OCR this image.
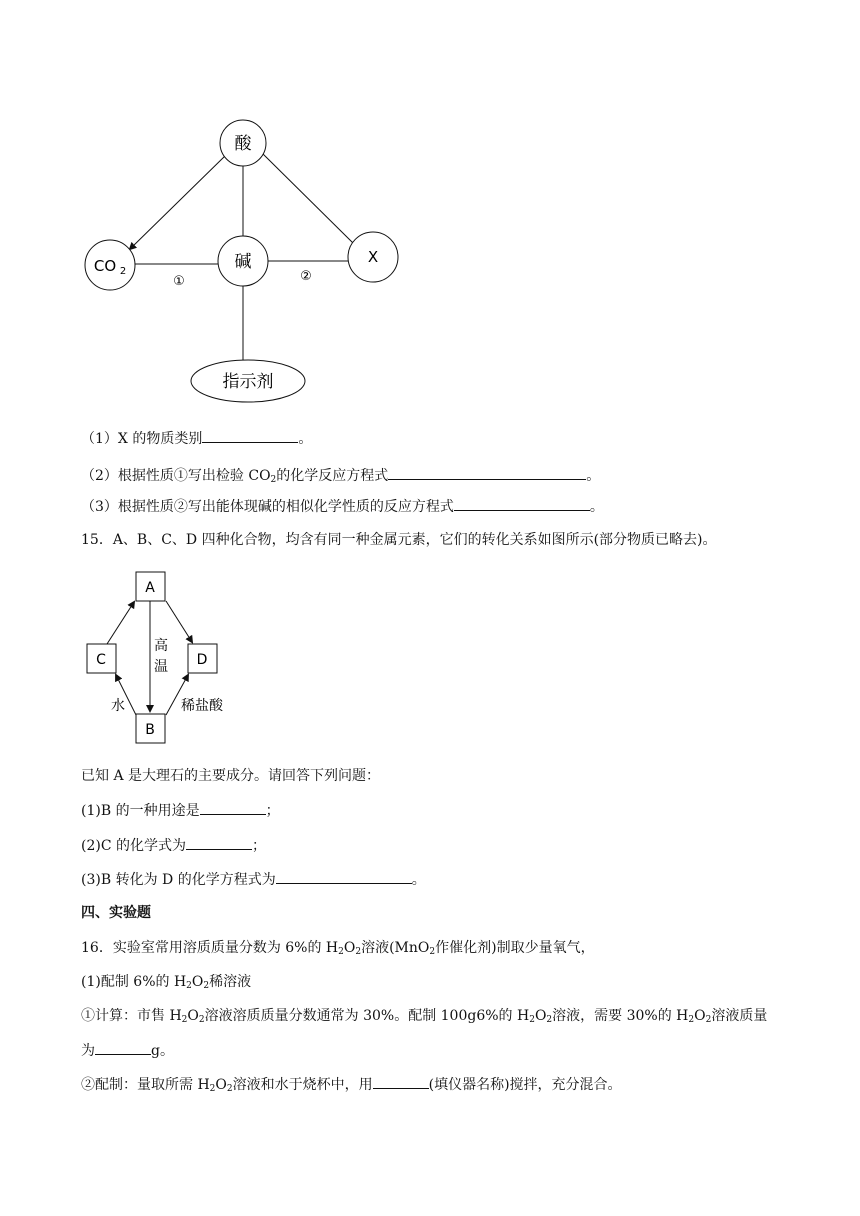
酸
碱
CO 2
X
指示剂
①	②
（1）X 的物质类别	。
（2）根据性质①写出检验 $CO_2$的化学反应方程式	。
（3）根据性质②写出能体现碱的相似化学性质的反应方程式	。
15．A、B、C、D 四种化合物，均含有同一种金属元素，它们的转化关系如图所示(部分物质已略去)。
A
C	D
B
高
温
水	稀盐酸
已知 A 是大理石的主要成分。请回答下列问题：
(1)B 的一种用途是	；
(2)C 的化学式为	；
(3)B 转化为 D 的化学方程式为	。
四、实验题
16．实验室常用溶质质量分数为 6%的 $H_2O_2$溶液(MnO$_2$作催化剂)制取少量氧气，
(1)配制 6%的 $H_2O_2$稀溶液
①计算：市售 $H_2O_2$溶液溶质质量分数通常为 30%。配制 100g6%的 $H_2O_2$溶液，需要 30%的 $H_2O_2$溶液质量
为	g。
②配制：量取所需 $H_2O_2$溶液和水于烧杯中，用	(填仪器名称)搅拌，充分混合。
